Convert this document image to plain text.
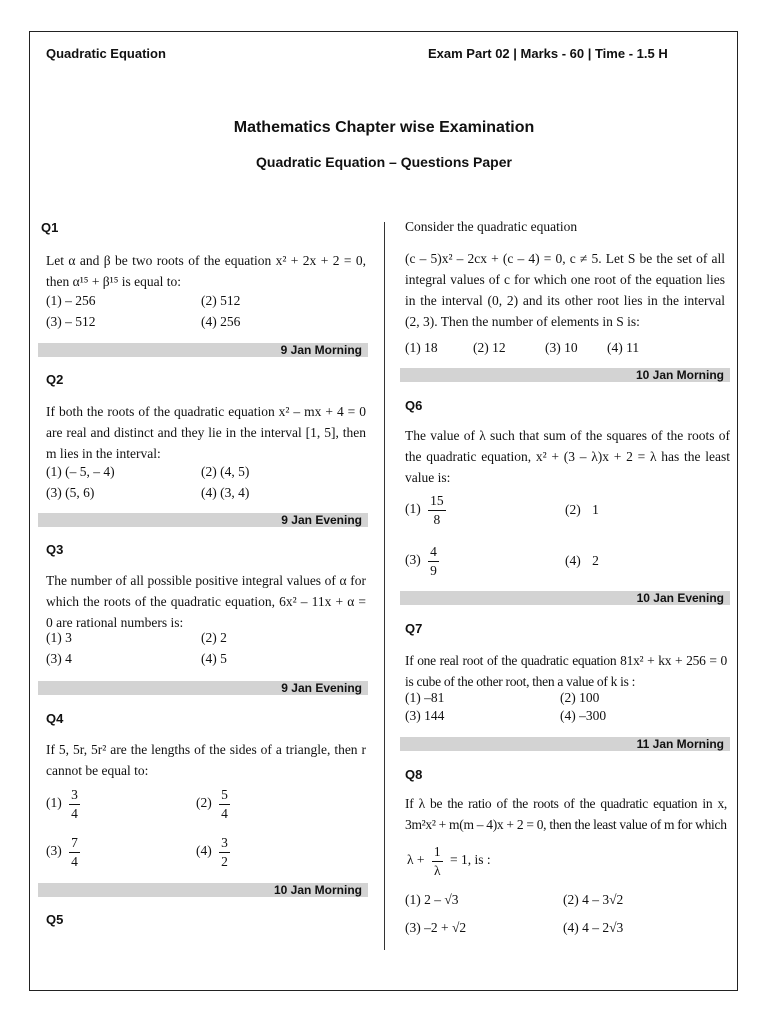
Quadratic Equation	Exam Part 02 | Marks - 60 | Time - 1.5 H
Mathematics Chapter wise Examination
Quadratic Equation – Questions Paper
Q1
Let α and β be two roots of the equation x² + 2x + 2 = 0, then α¹⁵ + β¹⁵ is equal to:
(1) – 256	(2) 512
(3) – 512	(4) 256
9 Jan Morning
Q2
If both the roots of the quadratic equation x² – mx + 4 = 0 are real and distinct and they lie in the interval [1, 5], then m lies in the interval:
(1) (– 5, – 4)	(2) (4, 5)
(3) (5, 6)	(4) (3, 4)
9 Jan Evening
Q3
The number of all possible positive integral values of α for which the roots of the quadratic equation, 6x² – 11x + α = 0 are rational numbers is:
(1) 3	(2) 2
(3) 4	(4) 5
9 Jan Evening
Q4
If 5, 5r, 5r² are the lengths of the sides of a triangle, then r cannot be equal to:
$(1) \frac{3}{4}$	$(2) \frac{5}{4}$
$(3) \frac{7}{4}$	$(4) \frac{3}{2}$
10 Jan Morning
Q5
Consider the quadratic equation
(c – 5)x² – 2cx + (c – 4) = 0, c ≠ 5. Let S be the set of all integral values of c for which one root of the equation lies in the interval (0, 2) and its other root lies in the interval (2, 3). Then the number of elements in S is:
(1) 18	(2) 12	(3) 10 (4) 11
10 Jan Morning
Q6
The value of λ such that sum of the squares of the roots of the quadratic equation, x² + (3 – λ)x + 2 = λ has the least value is:
$(1) \frac{15}{8}$	(2) 1
$(3) \frac{4}{9}$	(4) 2
10 Jan Evening
Q7
If one real root of the quadratic equation 81x² + kx + 256 = 0 is cube of the other root, then a value of k is :
(1) –81	(2) 100
(3) 144	(4) –300
11 Jan Morning
Q8
If λ be the ratio of the roots of the quadratic equation in x, 3m²x² + m(m – 4)x + 2 = 0, then the least value of m for which
$\lambda + \frac{1}{\lambda} = 1$, is :
(1) 2 – √3	(2) 4 – 3√2
(3) –2 + √2	(4) 4 – 2√3
